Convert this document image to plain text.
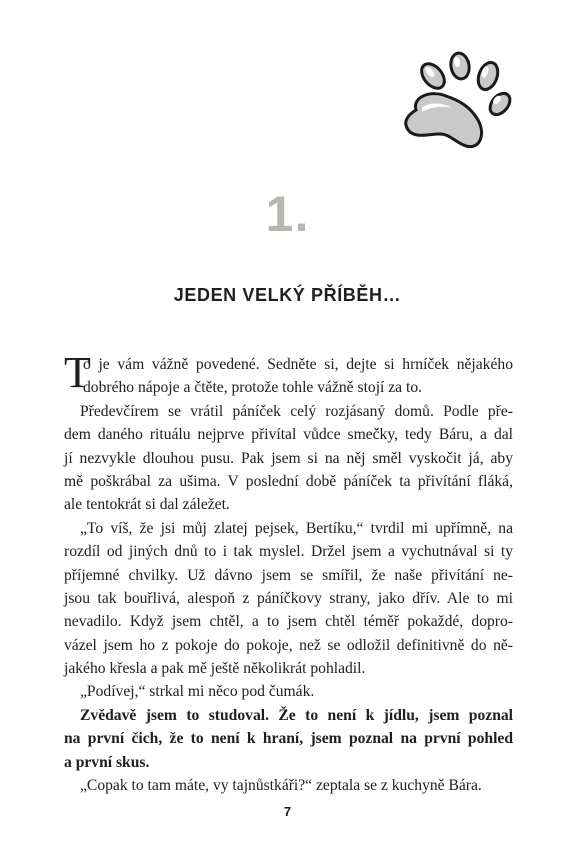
1.
JEDEN VELKÝ PŘÍBĚH…
T
o je vám vážně povedené. Sedněte si, dejte si hrníček nějakého
dobrého nápoje a čtěte, protože tohle vážně stojí za to.
Předevčírem se vrátil páníček celý rozjásaný domů. Podle pře-
dem daného rituálu nejprve přivítal vůdce smečky, tedy Báru, a dal
jí nezvykle dlouhou pusu. Pak jsem si na něj směl vyskočit já, aby
mě poškrábal za ušima. V poslední době páníček ta přivítání fláká,
ale tentokrát si dal záležet.
„To víš, že jsi můj zlatej pejsek, Bertíku,“ tvrdil mi upřímně, na
rozdíl od jiných dnů to i tak myslel. Držel jsem a vychutnával si ty
příjemné chvilky. Už dávno jsem se smířil, že naše přivítání ne-
jsou tak bouřlivá, alespoň z páníčkovy strany, jako dřív. Ale to mi
nevadilo. Když jsem chtěl, a to jsem chtěl téměř pokaždé, dopro-
vázel jsem ho z pokoje do pokoje, než se odložil definitivně do ně-
jakého křesla a pak mě ještě několikrát pohladil.
„Podívej,“ strkal mi něco pod čumák.
Zvědavě jsem to studoval. Že to není k jídlu, jsem poznal
na první čich, že to není k hraní, jsem poznal na první pohled
a první skus.
„Copak to tam máte, vy tajnůstkáři?“ zeptala se z kuchyně Bára.
7
